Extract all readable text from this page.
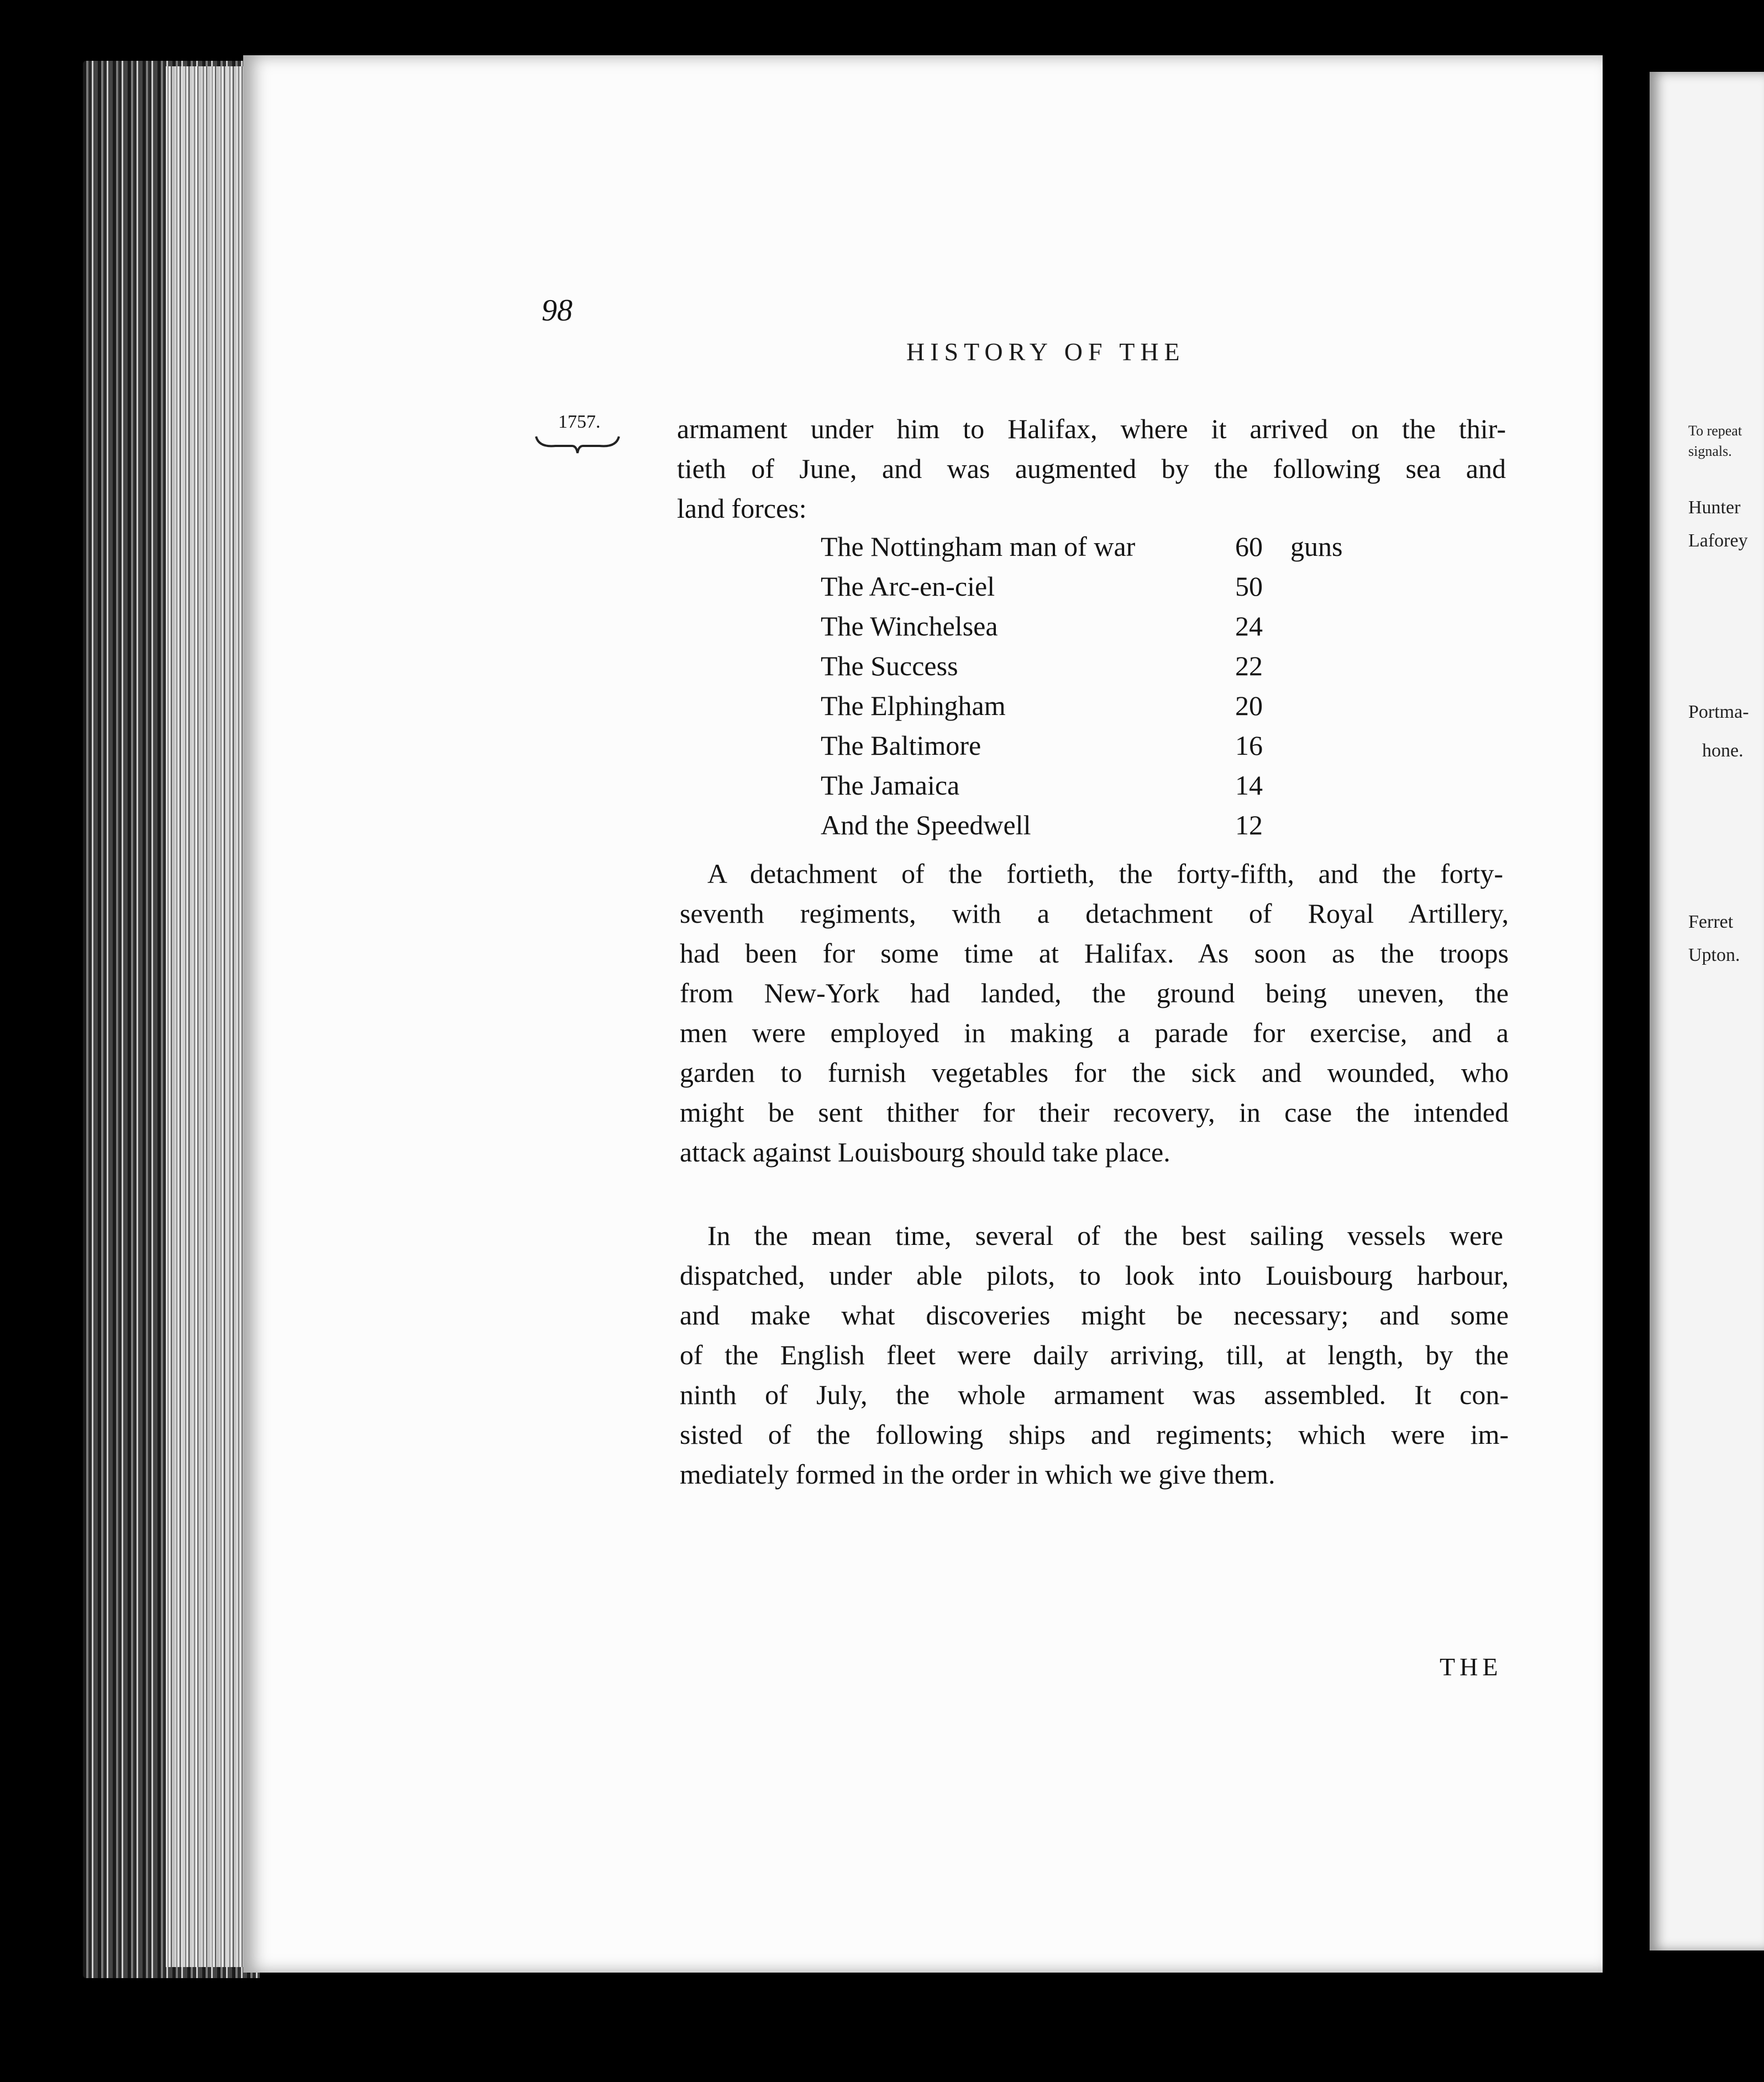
98
HISTORY OF THE
1757.	armament under him to Halifax, where it arrived on the thir-
tieth of June, and was augmented by the following sea and
land forces:
The Nottingham man of war	60 guns
The Arc-en-ciel	50
The Winchelsea	24
The Success	22
The Elphingham	20
The Baltimore	16
The Jamaica	14
And the Speedwell	12
A detachment of the fortieth, the forty-fifth, and the forty-
seventh regiments, with a detachment of Royal Artillery,
had been for some time at Halifax. As soon as the troops
from New-York had landed, the ground being uneven, the
men were employed in making a parade for exercise, and a
garden to furnish vegetables for the sick and wounded, who
might be sent thither for their recovery, in case the intended
attack against Louisbourg should take place.
In the mean time, several of the best sailing vessels were
dispatched, under able pilots, to look into Louisbourg harbour,
and make what discoveries might be necessary; and some
of the English fleet were daily arriving, till, at length, by the
ninth of July, the whole armament was assembled. It con-
sisted of the following ships and regiments; which were im-
mediately formed in the order in which we give them.
THE
To repeat
signals.
Hunter
Laforey
Portma-
hone.
Ferret
Upton.
